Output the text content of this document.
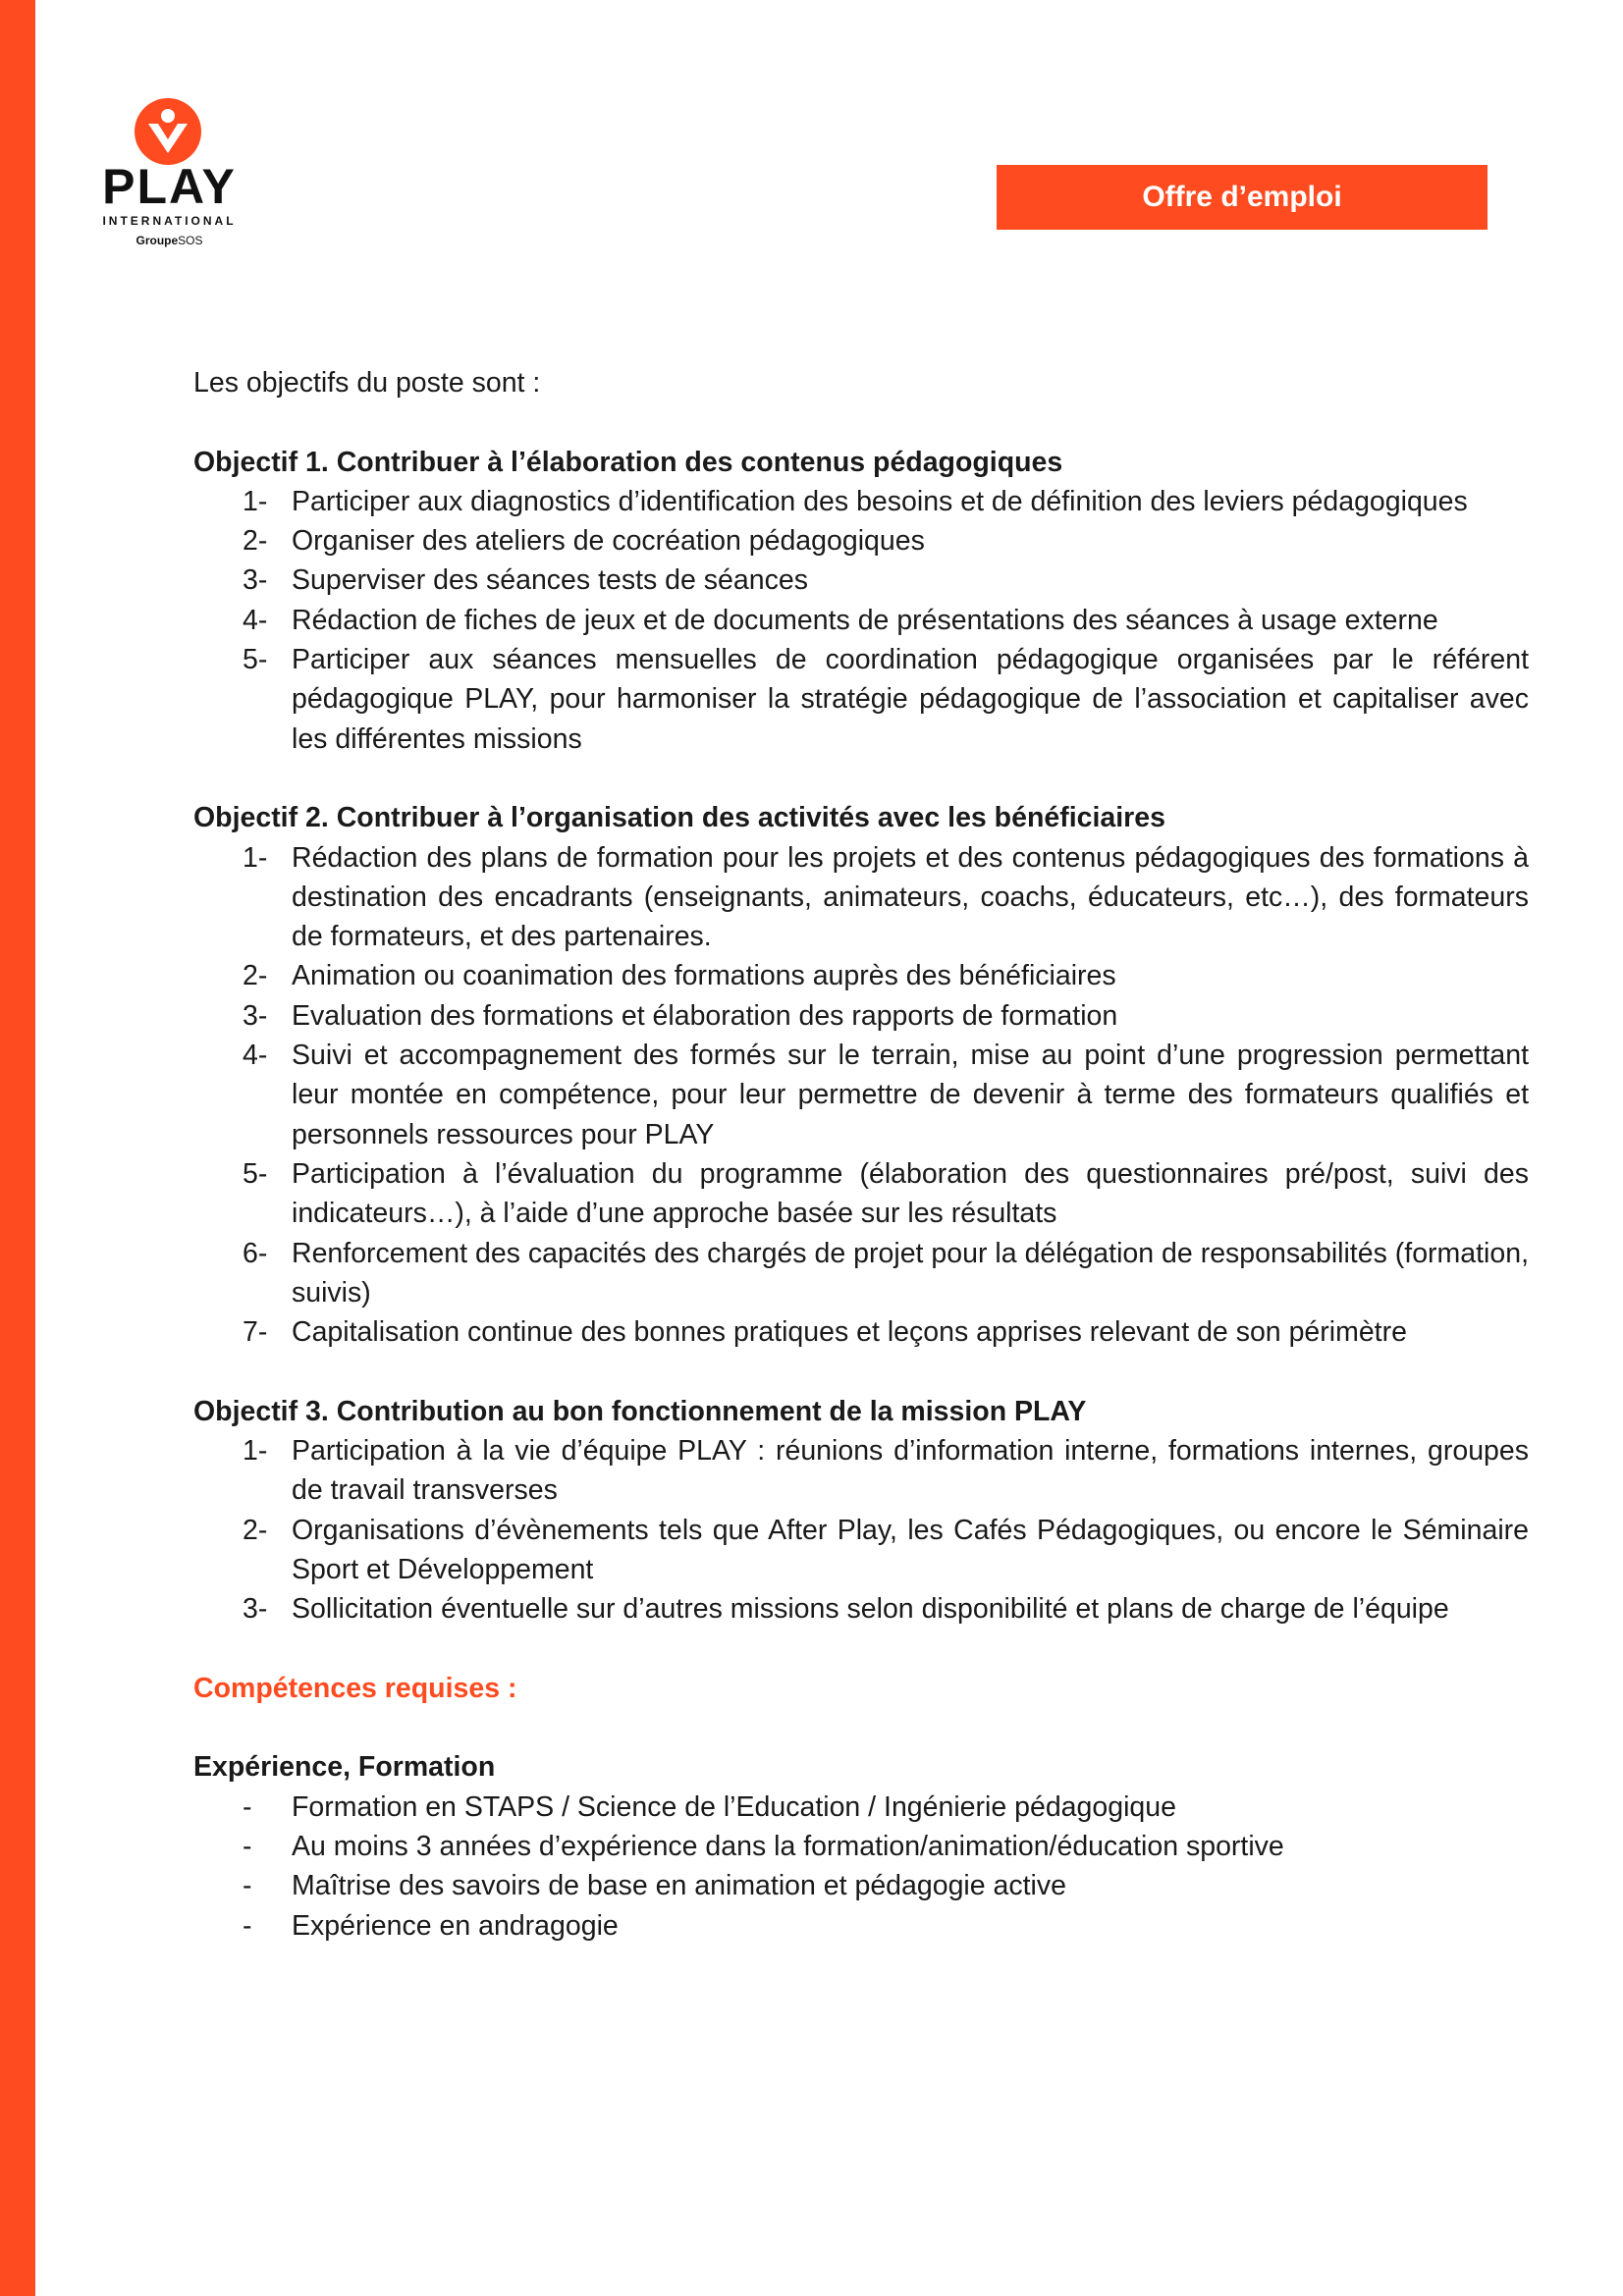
PLAY
INTERNATIONAL
GroupeSOS
Offre d’emploi

Les objectifs du poste sont :

Objectif 1. Contribuer à l’élaboration des contenus pédagogiques

1- Participer aux diagnostics d’identification des besoins et de définition des leviers pédagogiques
2- Organiser des ateliers de cocréation pédagogiques
3- Superviser des séances tests de séances
4- Rédaction de fiches de jeux et de documents de présentations des séances à usage externe
5- Participer aux séances mensuelles de coordination pédagogique organisées par le référent pédagogique PLAY, pour harmoniser la stratégie pédagogique de l’association et capitaliser avec les différentes missions

Objectif 2. Contribuer à l’organisation des activités avec les bénéficiaires

1- Rédaction des plans de formation pour les projets et des contenus pédagogiques des formations à destination des encadrants (enseignants, animateurs, coachs, éducateurs, etc…), des formateurs de formateurs, et des partenaires.
2- Animation ou coanimation des formations auprès des bénéficiaires
3- Evaluation des formations et élaboration des rapports de formation
4- Suivi et accompagnement des formés sur le terrain, mise au point d’une progression permettant leur montée en compétence, pour leur permettre de devenir à terme des formateurs qualifiés et personnels ressources pour PLAY
5- Participation à l’évaluation du programme (élaboration des questionnaires pré/post, suivi des indicateurs…), à l’aide d’une approche basée sur les résultats
6- Renforcement des capacités des chargés de projet pour la délégation de responsabilités (formation, suivis)
7- Capitalisation continue des bonnes pratiques et leçons apprises relevant de son périmètre

Objectif 3. Contribution au bon fonctionnement de la mission PLAY

1- Participation à la vie d’équipe PLAY : réunions d’information interne, formations internes, groupes de travail transverses
2- Organisations d’évènements tels que After Play, les Cafés Pédagogiques, ou encore le Séminaire Sport et Développement
3- Sollicitation éventuelle sur d’autres missions selon disponibilité et plans de charge de l’équipe

Compétences requises :

Expérience, Formation

- Formation en STAPS / Science de l’Education / Ingénierie pédagogique
- Au moins 3 années d’expérience dans la formation/animation/éducation sportive
- Maîtrise des savoirs de base en animation et pédagogie active
- Expérience en andragogie
